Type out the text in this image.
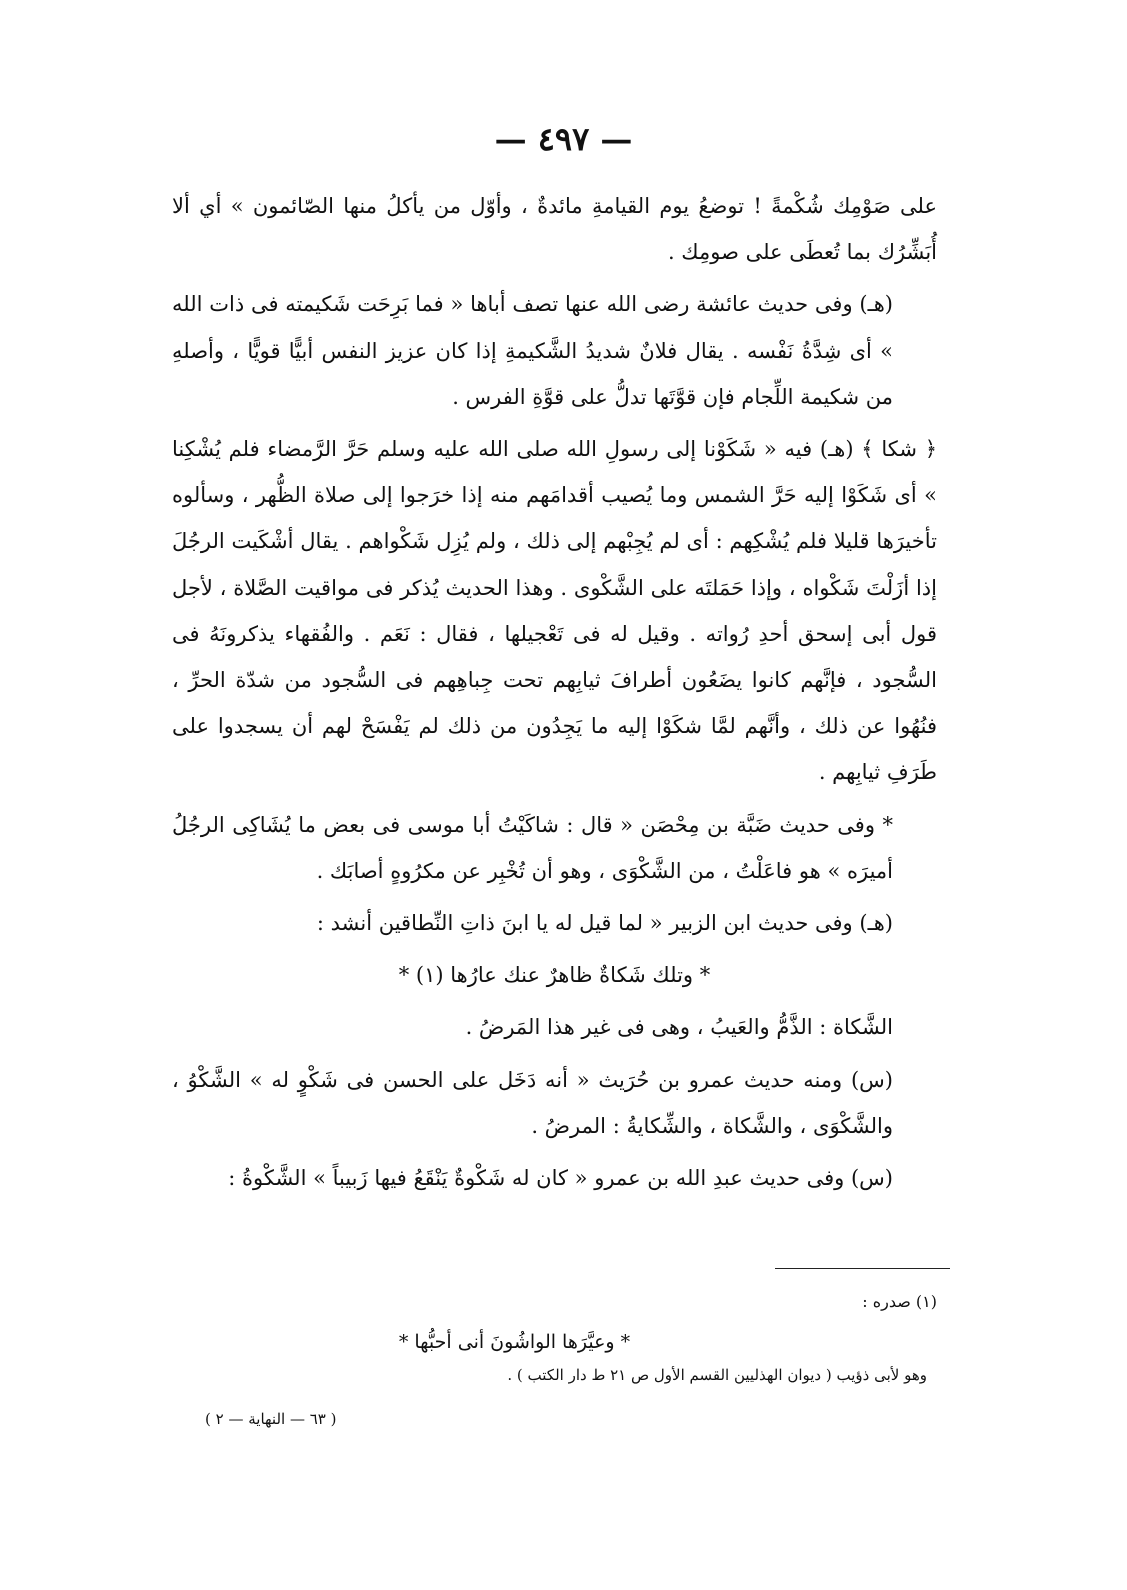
— ٤٩٧ —

على صَوْمِك شُكْمةً ! توضعُ يوم القيامةِ مائدةٌ ، وأوّل من يأكلُ منها الصّائمون » أي ألا أُبَشِّرُك بما تُعطَى على صومِك .

(هـ) وفى حديث عائشة رضى الله عنها تصف أباها « فما بَرِحَت شَكيمته فى ذات الله » أى شِدَّةُ نَفْسه . يقال فلانٌ شديدُ الشَّكيمةِ إذا كان عزيز النفس أبيًّا قويًّا ، وأصلهِ من شكيمة اللِّجام فإن قوَّتَها تدلُّ على قوَّةِ الفرس .

﴿ شكا ﴾ (هـ) فيه « شَكَوْنا إلى رسولِ الله صلى الله عليه وسلم حَرَّ الرَّمضاء فلم يُشْكِنا » أى شَكَوْا إليه حَرَّ الشمس وما يُصيب أقدامَهم منه إذا خرَجوا إلى صلاة الظُّهر ، وسألوه تأخيرَها قليلا فلم يُشْكِهم : أى لم يُجِبْهم إلى ذلك ، ولم يُزِل شَكْواهم . يقال أشْكَيت الرجُلَ إذا أزَلْتَ شَكْواه ، وإذا حَمَلتَه على الشَّكْوى . وهذا الحديث يُذكر فى مواقيت الصَّلاة ، لأجل قول أبى إسحق أحدِ رُواته . وقيل له فى تَعْجيلها ، فقال : نَعَم . والفُقهاء يذكرونَهُ فى السُّجود ، فإنَّهم كانوا يضَعُون أطرافَ ثيابِهم تحت جِباهِهم فى السُّجود من شدّة الحرِّ ، فنُهُوا عن ذلك ، وأنَّهم لمَّا شكَوْا إليه ما يَجِدُون من ذلك لم يَفْسَحْ لهم أن يسجدوا على طَرَفِ ثيابِهم .

* وفى حديث ضَبَّة بن مِحْصَن « قال : شاكَيْتُ أبا موسى فى بعض ما يُشَاكِى الرجُلُ أميرَه » هو فاعَلْتُ ، من الشَّكْوَى ، وهو أن تُخْبِر عن مكرُوهٍ أصابَك .

(هـ) وفى حديث ابن الزبير « لما قيل له يا ابنَ ذاتِ النِّطاقين أنشد :

* وتلك شَكاةٌ ظاهرٌ عنك عارُها (١) *

الشَّكاة : الذَّمُّ والعَيبُ ، وهى فى غير هذا المَرضُ .

(س) ومنه حديث عمرو بن حُرَيث « أنه دَخَل على الحسن فى شَكْوٍ له » الشَّكْوُ ، والشَّكْوَى ، والشَّكاة ، والشِّكايةُ : المرضُ .

(س) وفى حديث عبدِ الله بن عمرو « كان له شَكْوةٌ يَنْقَعُ فيها زَبيباً » الشَّكْوةُ :

(١) صدره :

* وعيَّرَها الواشُونَ أنى أحبُّها *

وهو لأبى ذؤيب ( ديوان الهذليين القسم الأول ص ٢١ ط دار الكتب ) .

( ٦٣ — النهاية — ٢ )
